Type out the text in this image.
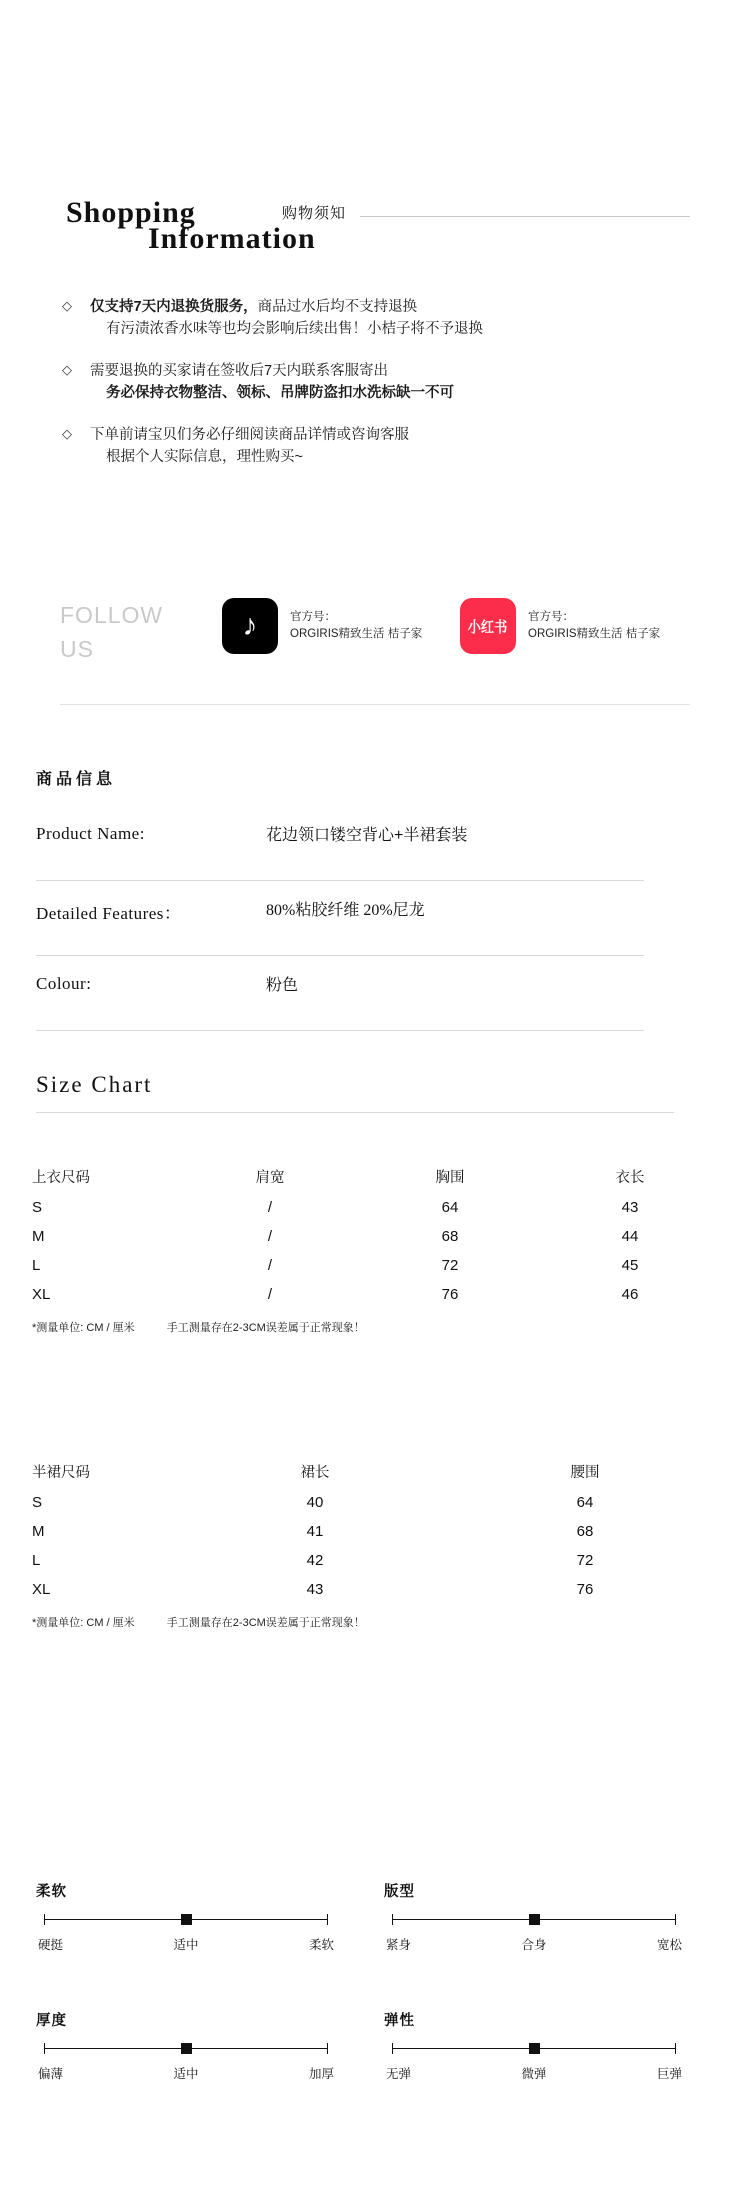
Shopping
Information
购物须知
◇ 仅支持7天内退换货服务，商品过水后均不支持退换
有污渍浓香水味等也均会影响后续出售！小桔子将不予退换
◇ 需要退换的买家请在签收后7天内联系客服寄出
务必保持衣物整洁、领标、吊牌防盗扣水洗标缺一不可
◇ 下单前请宝贝们务必仔细阅读商品详情或咨询客服
根据个人实际信息，理性购买~
FOLLOW US
♪	官方号：
ORGIRIS精致生活 桔子家	小红书
官方号：
ORGIRIS精致生活 桔子家
商品信息
Product Name:	花边领口镂空背心+半裙套装
Detailed Features：	80%粘胶纤维 20%尼龙
Colour:	粉色
Size Chart
上衣尺码	肩宽	胸围	衣长
S	/	64	43
M	/	68	44
L	/	72	45
XL	/	76	46
*测量单位: CM / 厘米 手工测量存在2-3CM误差属于正常现象！			
半裙尺码	裙长	腰围
S	40	64
M	41	68
L	42	72
XL	43	76
*测量单位: CM / 厘米 手工测量存在2-3CM误差属于正常现象！		
柔软
硬挺	适中	柔软
版型
紧身	合身	宽松
厚度
偏薄	适中	加厚
弹性
无弹	微弹	巨弹
